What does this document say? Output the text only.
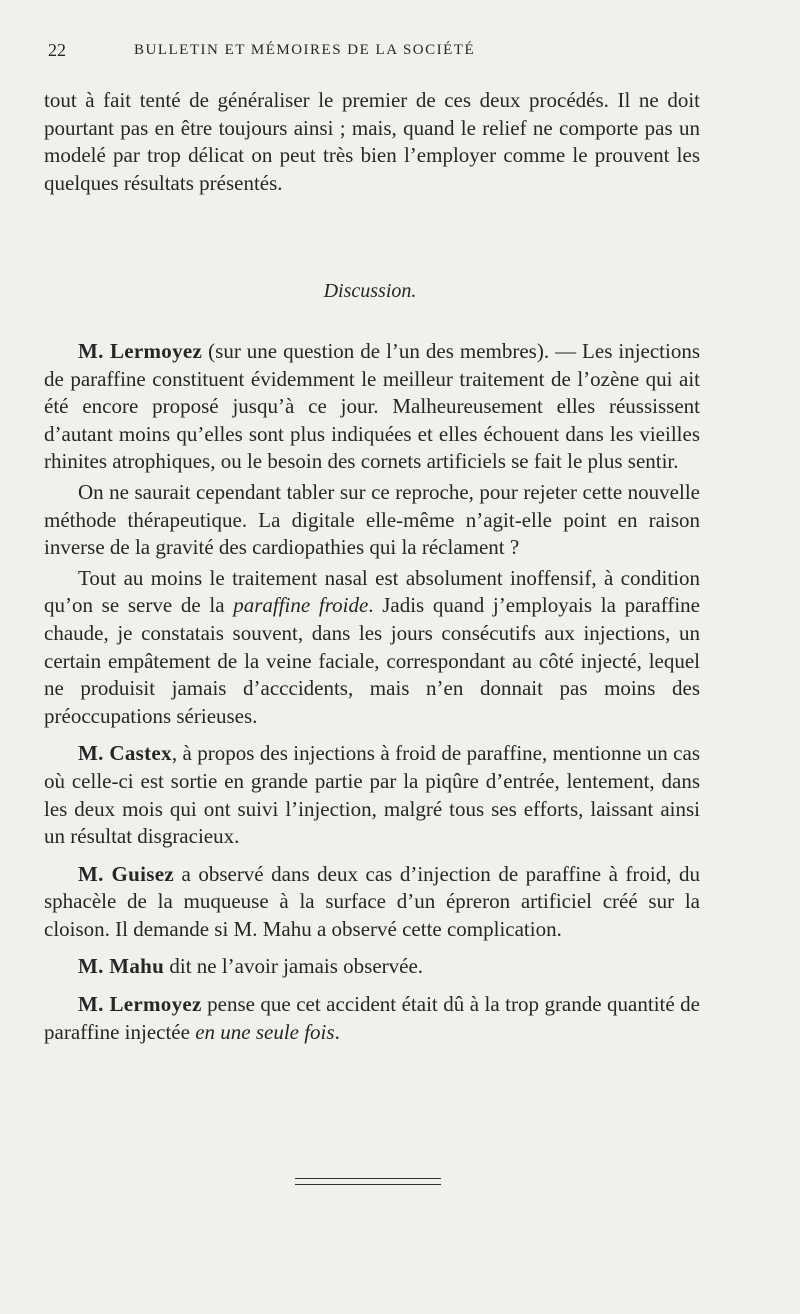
22	BULLETIN ET MÉMOIRES DE LA SOCIÉTÉ
tout à fait tenté de généraliser le premier de ces deux procédés. Il ne doit pourtant pas en être toujours ainsi ; mais, quand le relief ne comporte pas un modelé par trop délicat on peut très bien l’employer comme le prouvent les quelques résultats présentés.
Discussion.

M. Lermoyez (sur une question de l’un des membres). — Les injections de paraffine constituent évidemment le meilleur traitement de l’ozène qui ait été encore proposé jusqu’à ce jour. Malheureusement elles réussissent d’autant moins qu’elles sont plus indiquées et elles échouent dans les vieilles rhinites atrophiques, ou le besoin des cornets artificiels se fait le plus sentir.

On ne saurait cependant tabler sur ce reproche, pour rejeter cette nouvelle méthode thérapeutique. La digitale elle-même n’agit-elle point en raison inverse de la gravité des cardiopathies qui la réclament ?

Tout au moins le traitement nasal est absolument inoffensif, à condition qu’on se serve de la paraffine froide. Jadis quand j’employais la paraffine chaude, je constatais souvent, dans les jours consécutifs aux injections, un certain empâtement de la veine faciale, correspondant au côté injecté, lequel ne produisit jamais d’acccidents, mais n’en donnait pas moins des préoccupations sérieuses.

M. Castex, à propos des injections à froid de paraffine, mentionne un cas où celle-ci est sortie en grande partie par la piqûre d’entrée, lentement, dans les deux mois qui ont suivi l’injection, malgré tous ses efforts, laissant ainsi un résultat disgracieux.

M. Guisez a observé dans deux cas d’injection de paraffine à froid, du sphacèle de la muqueuse à la surface d’un épreron artificiel créé sur la cloison. Il demande si M. Mahu a observé cette complication.

M. Mahu dit ne l’avoir jamais observée.

M. Lermoyez pense que cet accident était dû à la trop grande quantité de paraffine injectée en une seule fois.
